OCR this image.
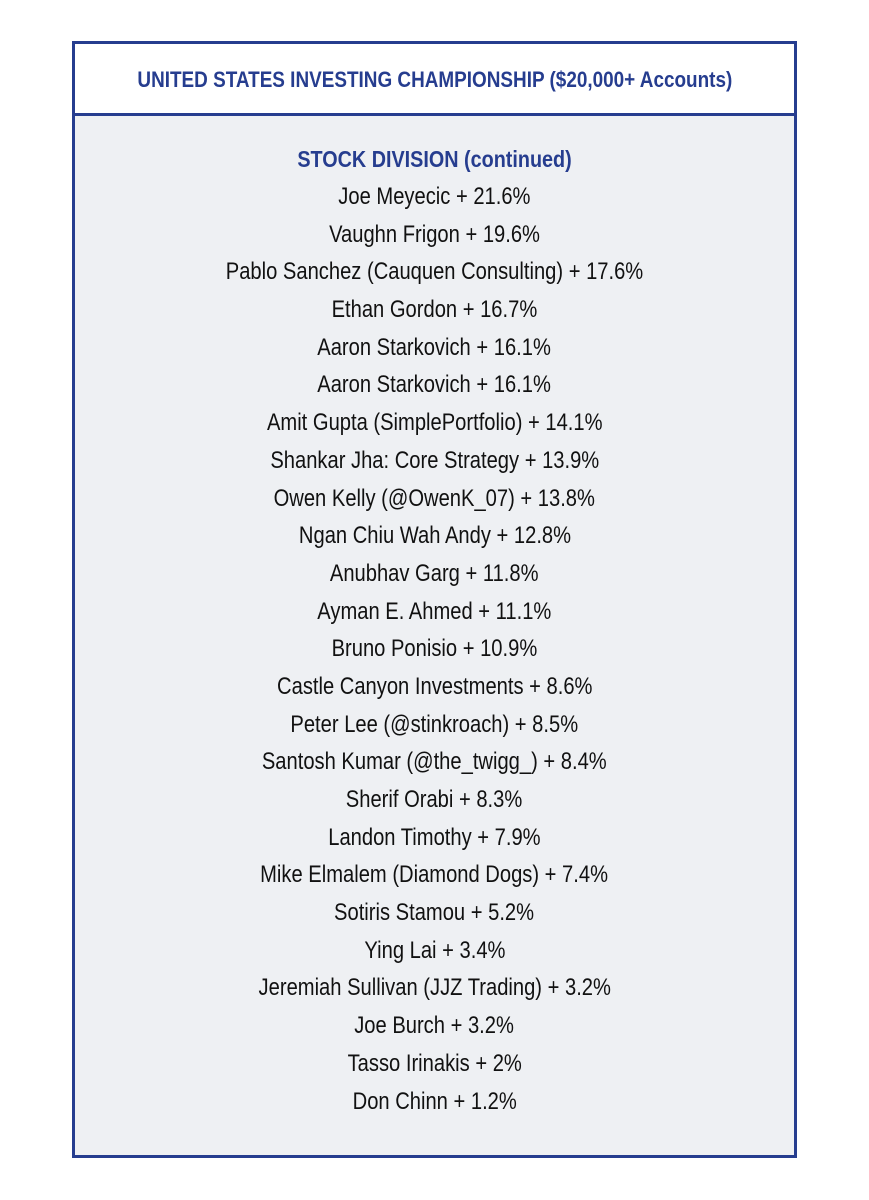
UNITED STATES INVESTING CHAMPIONSHIP ($20,000+ Accounts)
STOCK DIVISION (continued)
Joe Meyecic + 21.6%
Vaughn Frigon + 19.6%
Pablo Sanchez (Cauquen Consulting) + 17.6%
Ethan Gordon + 16.7%
Aaron Starkovich + 16.1%
Aaron Starkovich + 16.1%
Amit Gupta (SimplePortfolio) + 14.1%
Shankar Jha: Core Strategy + 13.9%
Owen Kelly (@OwenK_07) + 13.8%
Ngan Chiu Wah Andy + 12.8%
Anubhav Garg + 11.8%
Ayman E. Ahmed + 11.1%
Bruno Ponisio + 10.9%
Castle Canyon Investments + 8.6%
Peter Lee (@stinkroach) + 8.5%
Santosh Kumar (@the_twigg_) + 8.4%
Sherif Orabi + 8.3%
Landon Timothy + 7.9%
Mike Elmalem (Diamond Dogs) + 7.4%
Sotiris Stamou + 5.2%
Ying Lai + 3.4%
Jeremiah Sullivan (JJZ Trading) + 3.2%
Joe Burch + 3.2%
Tasso Irinakis + 2%
Don Chinn + 1.2%
